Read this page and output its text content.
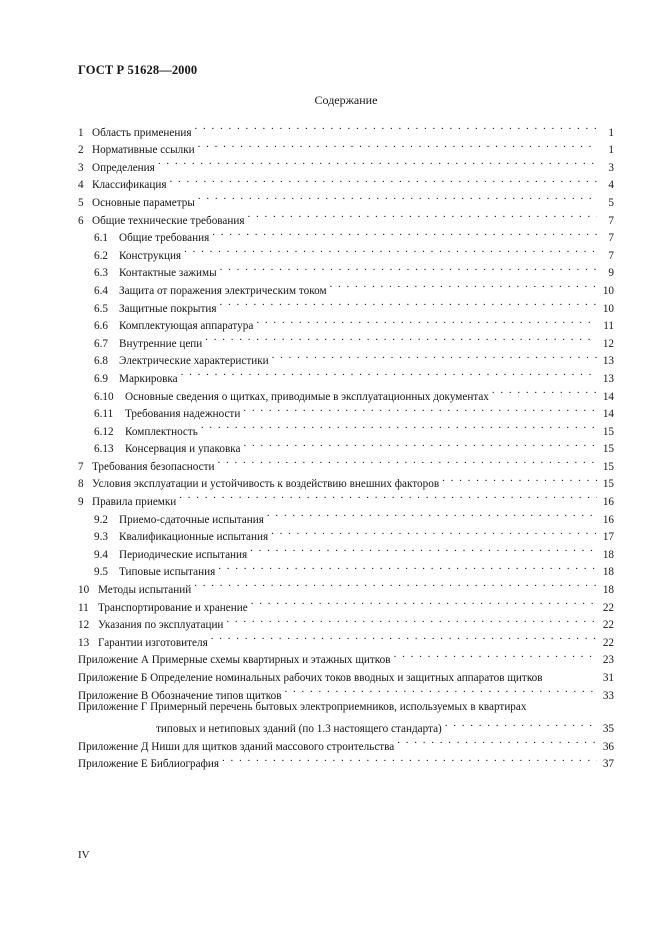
ГОСТ Р 51628—2000
Содержание
1 Область применения . . .	1
2 Нормативные ссылки . . .	1
3 Определения . . .	3
4 Классификация . . .	4
5 Основные параметры . . .	5
6 Общие технические требования . . .	7
6.1 Общие требования . . .	7
6.2 Конструкция . . .	7
6.3 Контактные зажимы . . .	9
6.4 Защита от поражения электрическим током . . .	10
6.5 Защитные покрытия . . .	10
6.6 Комплектующая аппаратура . . .	11
6.7 Внутренние цепи . . .	12
6.8 Электрические характеристики . . .	13
6.9 Маркировка . . .	13
6.10	Основные сведения о щитках, приводимые в эксплуатационных документах . . .	14
6.11	Требования надежности . . .	14
6.12	Комплектность . . .	15
6.13	Консервация и упаковка . . .	15
7 Требования безопасности . . .	15
8 Условия эксплуатации и устойчивость к воздействию внешних факторов . . .	15
9 Правила приемки . . .	16
9.2 Приемо-сдаточные испытания . . .	16
9.3 Квалификационные испытания . . .	17
9.4 Периодические испытания . . .	18
9.5 Типовые испытания . . .	18
10 Методы испытаний . . .	18
11 Транспортирование и хранение . . .	22
12 Указания по эксплуатации . . .	22
13 Гарантии изготовителя . . .	22
Приложение А Примерные схемы квартирных и этажных щитков . . .	23
Приложение Б Определение номинальных рабочих токов вводных и защитных аппаратов щитков	31
Приложение В Обозначение типов щитков . . .	33
Приложение Г Примерный перечень бытовых электроприемников, используемых в квартирах
типовых и нетиповых зданий (по 1.3 настоящего стандарта) . . .	35
Приложение Д Ниши для щитков зданий массового строительства . . .	36
Приложение Е Библиография . . .	37
IV
